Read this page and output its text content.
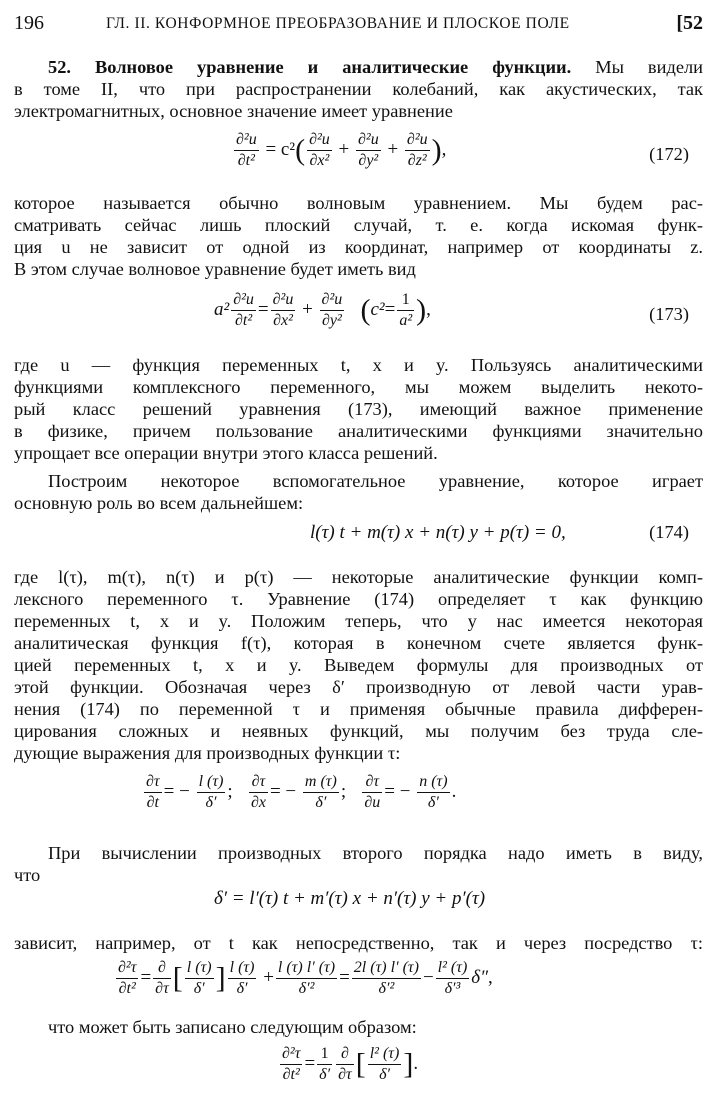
196	ГЛ. II. КОНФОРМНОЕ ПРЕОБРАЗОВАНИЕ И ПЛОСКОЕ ПОЛЕ	[52
52. Волновое уравнение и аналитические функции. Мы видели
в томе II, что при распространении колебаний, как акустических, так
электромагнитных, основное значение имеет уравнение
$\frac{\text{∂²u}}{\text{∂t²}} = c^2( \frac{\text{∂²u}}{\text{∂x²}} + \frac{\text{∂²u}}{\text{∂y²}} + \frac{\text{∂²u}}{\text{∂z²}}$ ),	(172)
которое называется обычно волновым уравнением. Мы будем рас-
сматривать сейчас лишь плоский случай, т. е. когда искомая функ-
ция u не зависит от одной из координат, например от координаты z.
В этом случае волновое уравнение будет иметь вид
$a^2 \frac{\text{∂²u}}{\text{∂t²}} = \frac{\text{∂²u}}{\text{∂x²}} + \frac{\text{∂²u}}{\text{∂y²}} (c^2= \frac{1}{\text{a²}}$ ),	(173)
где u — функция переменных t, x и y. Пользуясь аналитическими
функциями комплексного переменного, мы можем выделить некото-
рый класс решений уравнения (173), имеющий важное применение
в физике, причем пользование аналитическими функциями значительно
упрощает все операции внутри этого класса решений.
Построим некоторое вспомогательное уравнение, которое играет
основную роль во всем дальнейшем:
l(τ) t + m(τ) x + n(τ) y + p(τ) = 0,	(174)
где l(τ), m(τ), n(τ) и p(τ) — некоторые аналитические функции комп-
лексного переменного τ. Уравнение (174) определяет τ как функцию
переменных t, x и y. Положим теперь, что у нас имеется некоторая
аналитическая функция f(τ), которая в конечном счете является функ-
цией переменных t, x и y. Выведем формулы для производных от
этой функции. Обозначая через δ′ производную от левой части урав-
нения (174) по переменной τ и применяя обычные правила дифферен-
цирования сложных и неявных функций, мы получим без труда сле-
дующие выражения для производных функции τ:
$\frac{\partial\tau}{\partial t}$ = − $\frac{l (\tau)}{\delta'}$ ; $\frac{\partial\tau}{\partial x}$ = − $\frac{m (\tau)}{\delta'}$ ; $\frac{\partial\tau}{\partial u}$ = − $\frac{n (\tau)}{\delta'}$ .
При вычислении производных второго порядка надо иметь в виду,
что
δ′ = l′(τ) t + m′(τ) x + n′(τ) y + p′(τ)
зависит, например, от t как непосредственно, так и через посредство τ:
$\frac{\text{∂²τ}}{\text{∂t²}} = \frac{\partial}{\partial\tau}$ [ $\frac{l (\tau)}{\delta'}$ ] $\frac{l (\tau)}{\delta'} + \frac{l (\tau) l' (\tau)}{\text{δ′²}} = \frac{2l (\tau) l' (\tau)}{\text{δ′²}} - \frac{\text{l² (τ)}}{\text{δ′³}} \delta''$,
что может быть записано следующим образом:
$\frac{\text{∂²τ}}{\text{∂t²}} = \frac{1}{\delta'} \frac{\partial}{\partial\tau}$ [ $\frac{\text{l² (τ)}}{\delta'}$ ].
